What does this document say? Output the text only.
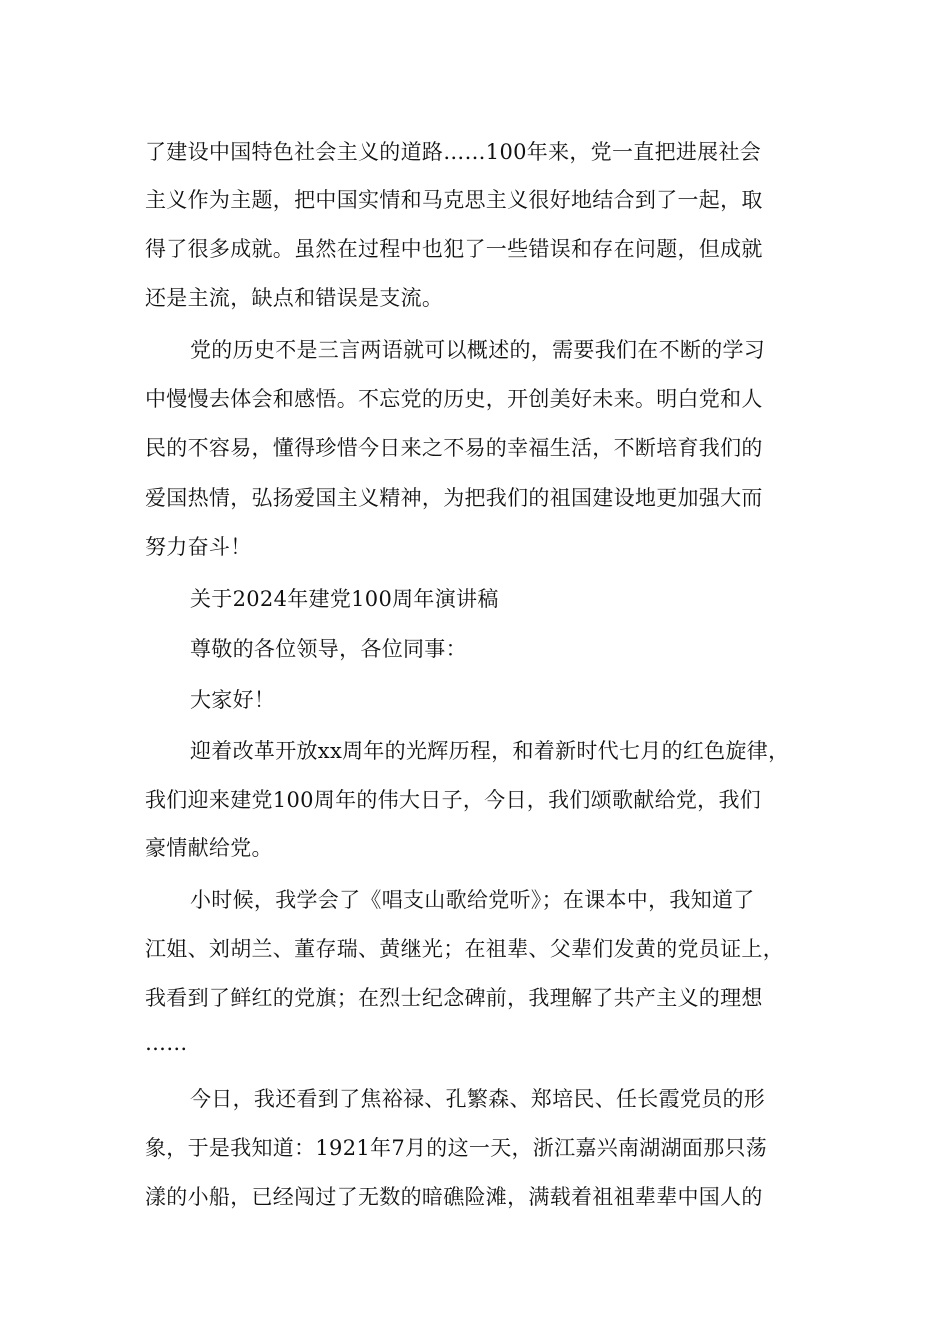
了建设中国特色社会主义的道路……100年来，党一直把进展社会
主义作为主题，把中国实情和马克思主义很好地结合到了一起，取
得了很多成就。虽然在过程中也犯了一些错误和存在问题，但成就
还是主流，缺点和错误是支流。
党的历史不是三言两语就可以概述的，需要我们在不断的学习
中慢慢去体会和感悟。不忘党的历史，开创美好未来。明白党和人
民的不容易，懂得珍惜今日来之不易的幸福生活，不断培育我们的
爱国热情，弘扬爱国主义精神，为把我们的祖国建设地更加强大而
努力奋斗！
关于2024年建党100周年演讲稿
尊敬的各位领导，各位同事：
大家好！
迎着改革开放xx周年的光辉历程，和着新时代七月的红色旋律，
我们迎来建党100周年的伟大日子，今日，我们颂歌献给党，我们
豪情献给党。
小时候，我学会了《唱支山歌给党听》；在课本中，我知道了
江姐、刘胡兰、董存瑞、黄继光；在祖辈、父辈们发黄的党员证上，
我看到了鲜红的党旗；在烈士纪念碑前，我理解了共产主义的理想
……
今日，我还看到了焦裕禄、孔繁森、郑培民、任长霞党员的形
象，于是我知道：1921年7月的这一天，浙江嘉兴南湖湖面那只荡
漾的小船，已经闯过了无数的暗礁险滩，满载着祖祖辈辈中国人的
